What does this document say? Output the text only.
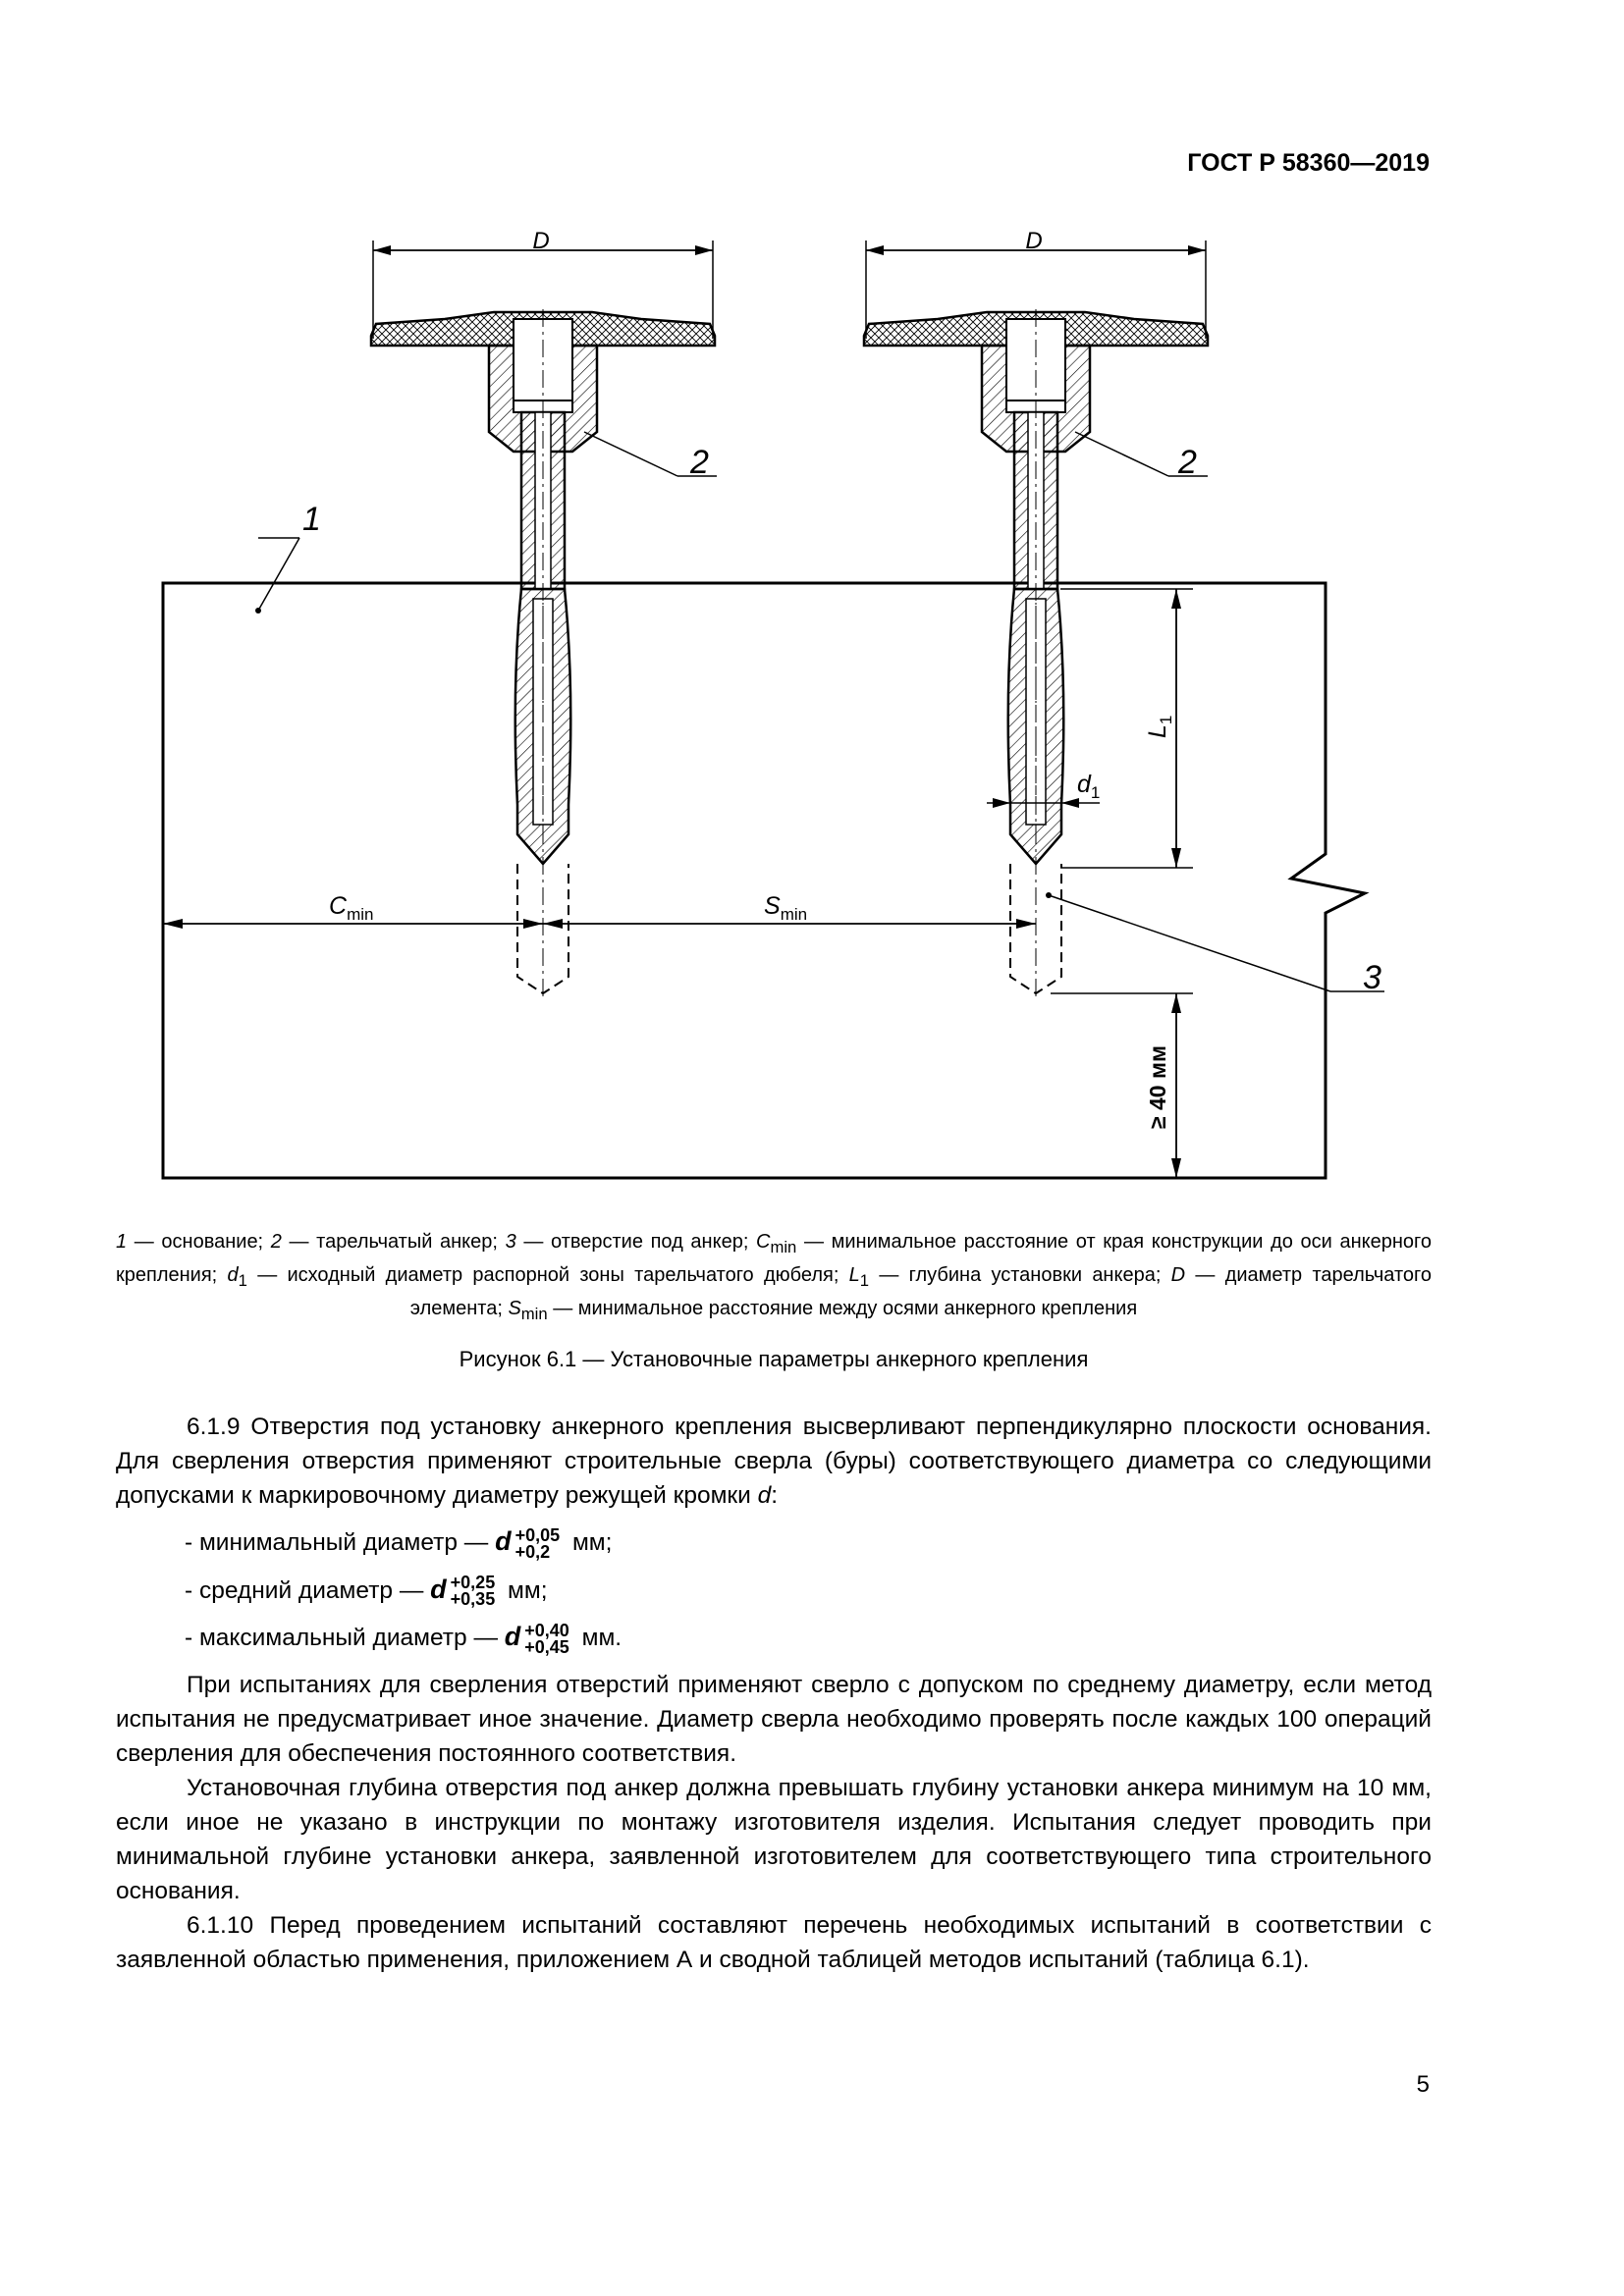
ГОСТ Р 58360—2019
D	D
2	2
1
3
$C_{min}$	$S_{min}$
$L_1$
$d_1$
≥ 40 мм
1 — основание; 2 — тарельчатый анкер; 3 — отверстие под анкер; $C_{min}$ — минимальное расстояние от края конструкции до оси анкерного крепления; $d_1$ — исходный диаметр распорной зоны тарельчатого дюбеля; $L_1$ — глубина установки анкера; D — диаметр тарельчатого элемента; $S_{min}$ — минимальное расстояние между осями анкерного крепления
Рисунок 6.1 — Установочные параметры анкерного крепления

6.1.9 Отверстия под установку анкерного крепления высверливают перпендикулярно плоскости основания. Для сверления отверстия применяют строительные сверла (буры) соответствующего диаметра со следующими допусками к маркировочному диаметру режущей кромки d:

- минимальный диаметр — d +0,05
+0,2 мм;
- средний диаметр — d +0,25
+0,35 мм;
- максимальный диаметр — d +0,40
+0,45 мм.

При испытаниях для сверления отверстий применяют сверло с допуском по среднему диаметру, если метод испытания не предусматривает иное значение. Диаметр сверла необходимо проверять после каждых 100 операций сверления для обеспечения постоянного соответствия.

Установочная глубина отверстия под анкер должна превышать глубину установки анкера минимум на 10 мм, если иное не указано в инструкции по монтажу изготовителя изделия. Испытания следует проводить при минимальной глубине установки анкера, заявленной изготовителем для соответствующего типа строительного основания.

6.1.10 Перед проведением испытаний составляют перечень необходимых испытаний в соответствии с заявленной областью применения, приложением А и сводной таблицей методов испытаний (таблица 6.1).

5
